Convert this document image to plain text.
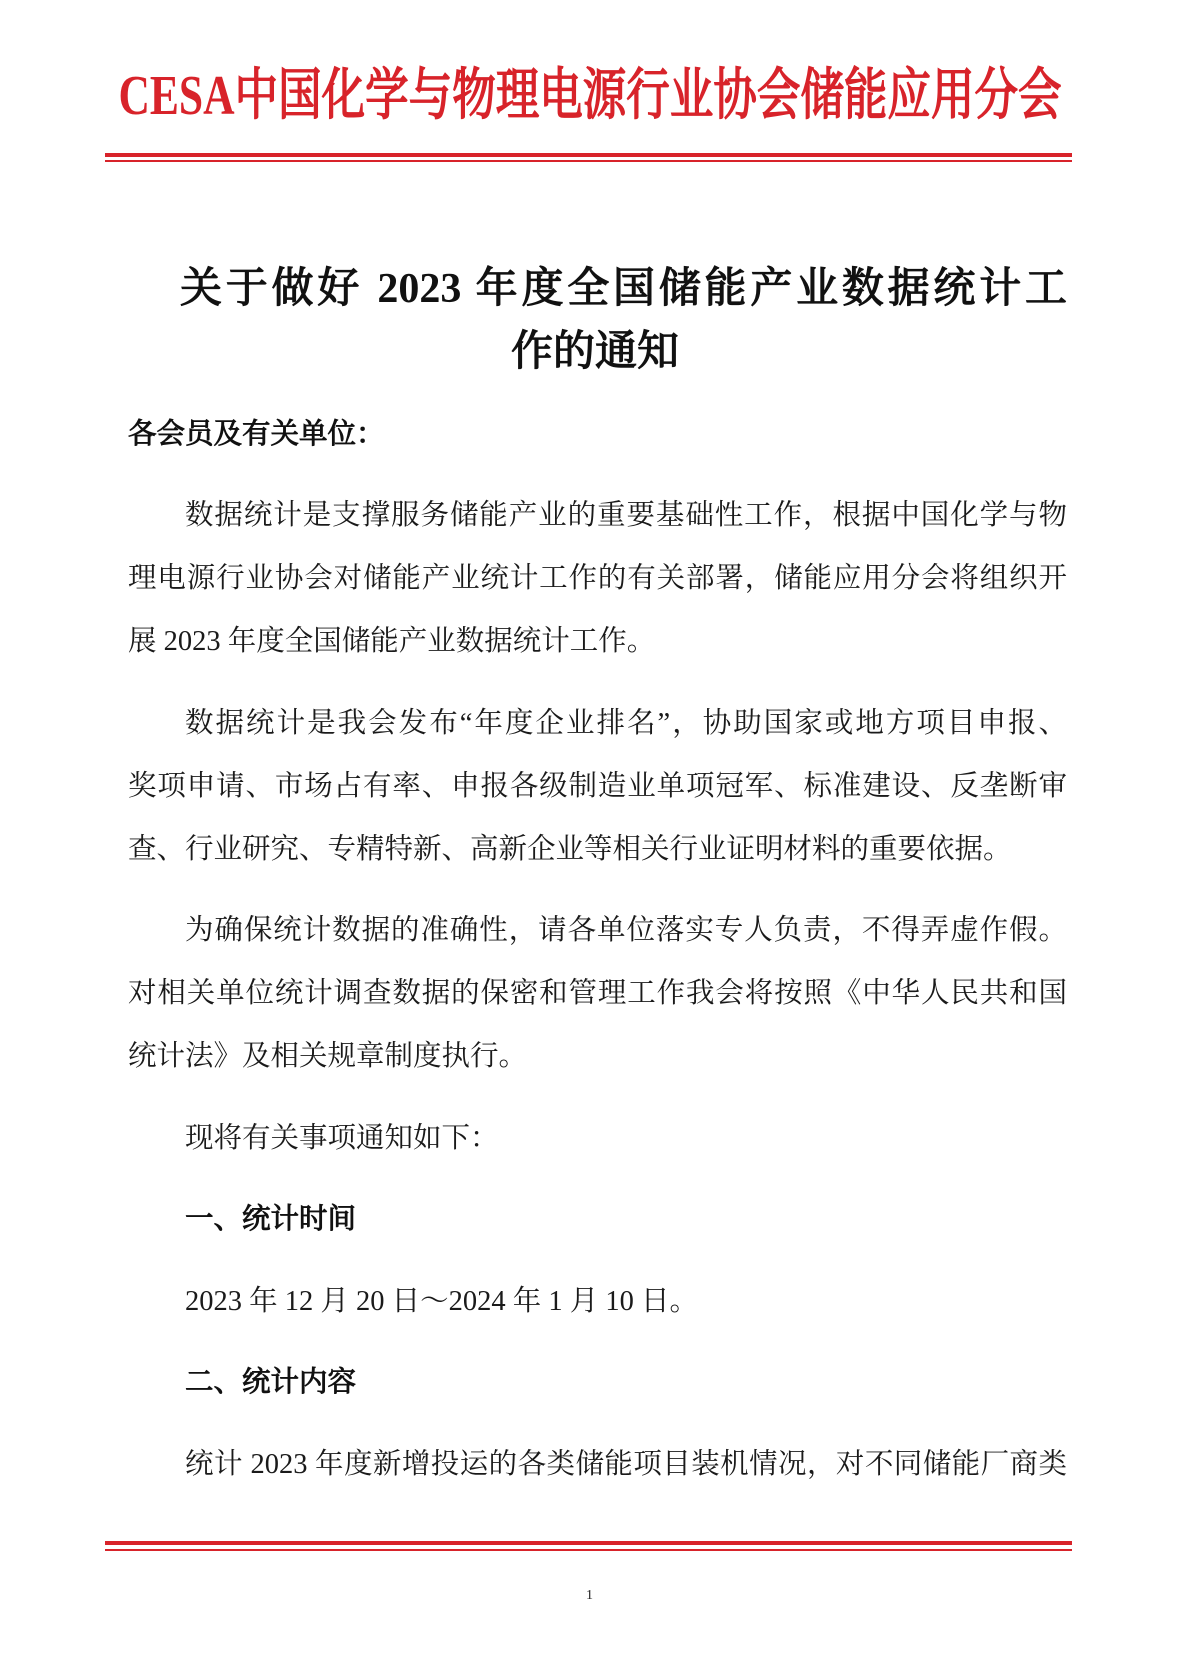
CESA中国化学与物理电源行业协会储能应用分会
关于做好 2023 年度全国储能产业数据统计工
作的通知
各会员及有关单位：
数据统计是支撑服务储能产业的重要基础性工作，根据中国化学与物
理电源行业协会对储能产业统计工作的有关部署，储能应用分会将组织开
展 2023 年度全国储能产业数据统计工作。
数据统计是我会发布“年度企业排名”，协助国家或地方项目申报、
奖项申请、市场占有率、申报各级制造业单项冠军、标准建设、反垄断审
查、行业研究、专精特新、高新企业等相关行业证明材料的重要依据。
为确保统计数据的准确性，请各单位落实专人负责，不得弄虚作假。
对相关单位统计调查数据的保密和管理工作我会将按照《中华人民共和国
统计法》及相关规章制度执行。
现将有关事项通知如下：
一、统计时间
2023 年 12 月 20 日～2024 年 1 月 10 日。
二、统计内容
统计 2023 年度新增投运的各类储能项目装机情况，对不同储能厂商类
1
